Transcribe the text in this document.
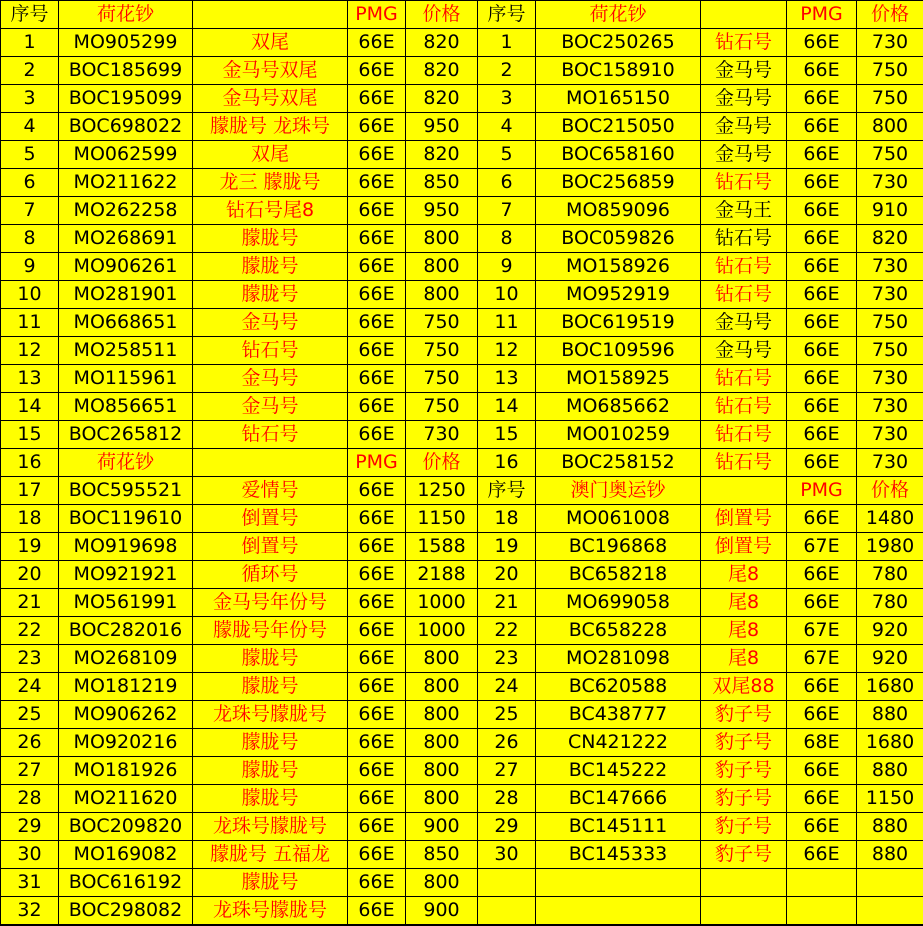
序号	荷花钞		PMG	价格	序号	荷花钞		PMG	价格
1	MO905299	双尾	66E	820	1	BOC250265	钻石号	66E	730
2	BOC185699	金马号双尾	66E	820	2	BOC158910	金马号	66E	750
3	BOC195099	金马号双尾	66E	820	3	MO165150	金马号	66E	750
4	BOC698022	朦胧号 龙珠号	66E	950	4	BOC215050	金马号	66E	800
5	MO062599	双尾	66E	820	5	BOC658160	金马号	66E	750
6	MO211622	龙三 朦胧号	66E	850	6	BOC256859	钻石号	66E	730
7	MO262258	钻石号尾8	66E	950	7	MO859096	金马王	66E	910
8	MO268691	朦胧号	66E	800	8	BOC059826	钻石号	66E	820
9	MO906261	朦胧号	66E	800	9	MO158926	钻石号	66E	730
10	MO281901	朦胧号	66E	800	10	MO952919	钻石号	66E	730
11	MO668651	金马号	66E	750	11	BOC619519	金马号	66E	750
12	MO258511	钻石号	66E	750	12	BOC109596	金马号	66E	750
13	MO115961	金马号	66E	750	13	MO158925	钻石号	66E	730
14	MO856651	金马号	66E	750	14	MO685662	钻石号	66E	730
15	BOC265812	钻石号	66E	730	15	MO010259	钻石号	66E	730
16	荷花钞		PMG	价格	16	BOC258152	钻石号	66E	730
17	BOC595521	爱情号	66E	1250	序号	澳门奥运钞		PMG	价格
18	BOC119610	倒置号	66E	1150	18	MO061008	倒置号	66E	1480
19	MO919698	倒置号	66E	1588	19	BC196868	倒置号	67E	1980
20	MO921921	循环号	66E	2188	20	BC658218	尾8	66E	780
21	MO561991	金马号年份号	66E	1000	21	MO699058	尾8	66E	780
22	BOC282016	朦胧号年份号	66E	1000	22	BC658228	尾8	67E	920
23	MO268109	朦胧号	66E	800	23	MO281098	尾8	67E	920
24	MO181219	朦胧号	66E	800	24	BC620588	双尾88	66E	1680
25	MO906262	龙珠号朦胧号	66E	800	25	BC438777	豹子号	66E	880
26	MO920216	朦胧号	66E	800	26	CN421222	豹子号	68E	1680
27	MO181926	朦胧号	66E	800	27	BC145222	豹子号	66E	880
28	MO211620	朦胧号	66E	800	28	BC147666	豹子号	66E	1150
29	BOC209820	龙珠号朦胧号	66E	900	29	BC145111	豹子号	66E	880
30	MO169082	朦胧号 五福龙	66E	850	30	BC145333	豹子号	66E	880
31	BOC616192	朦胧号	66E	800					
32	BOC298082	龙珠号朦胧号	66E	900					
